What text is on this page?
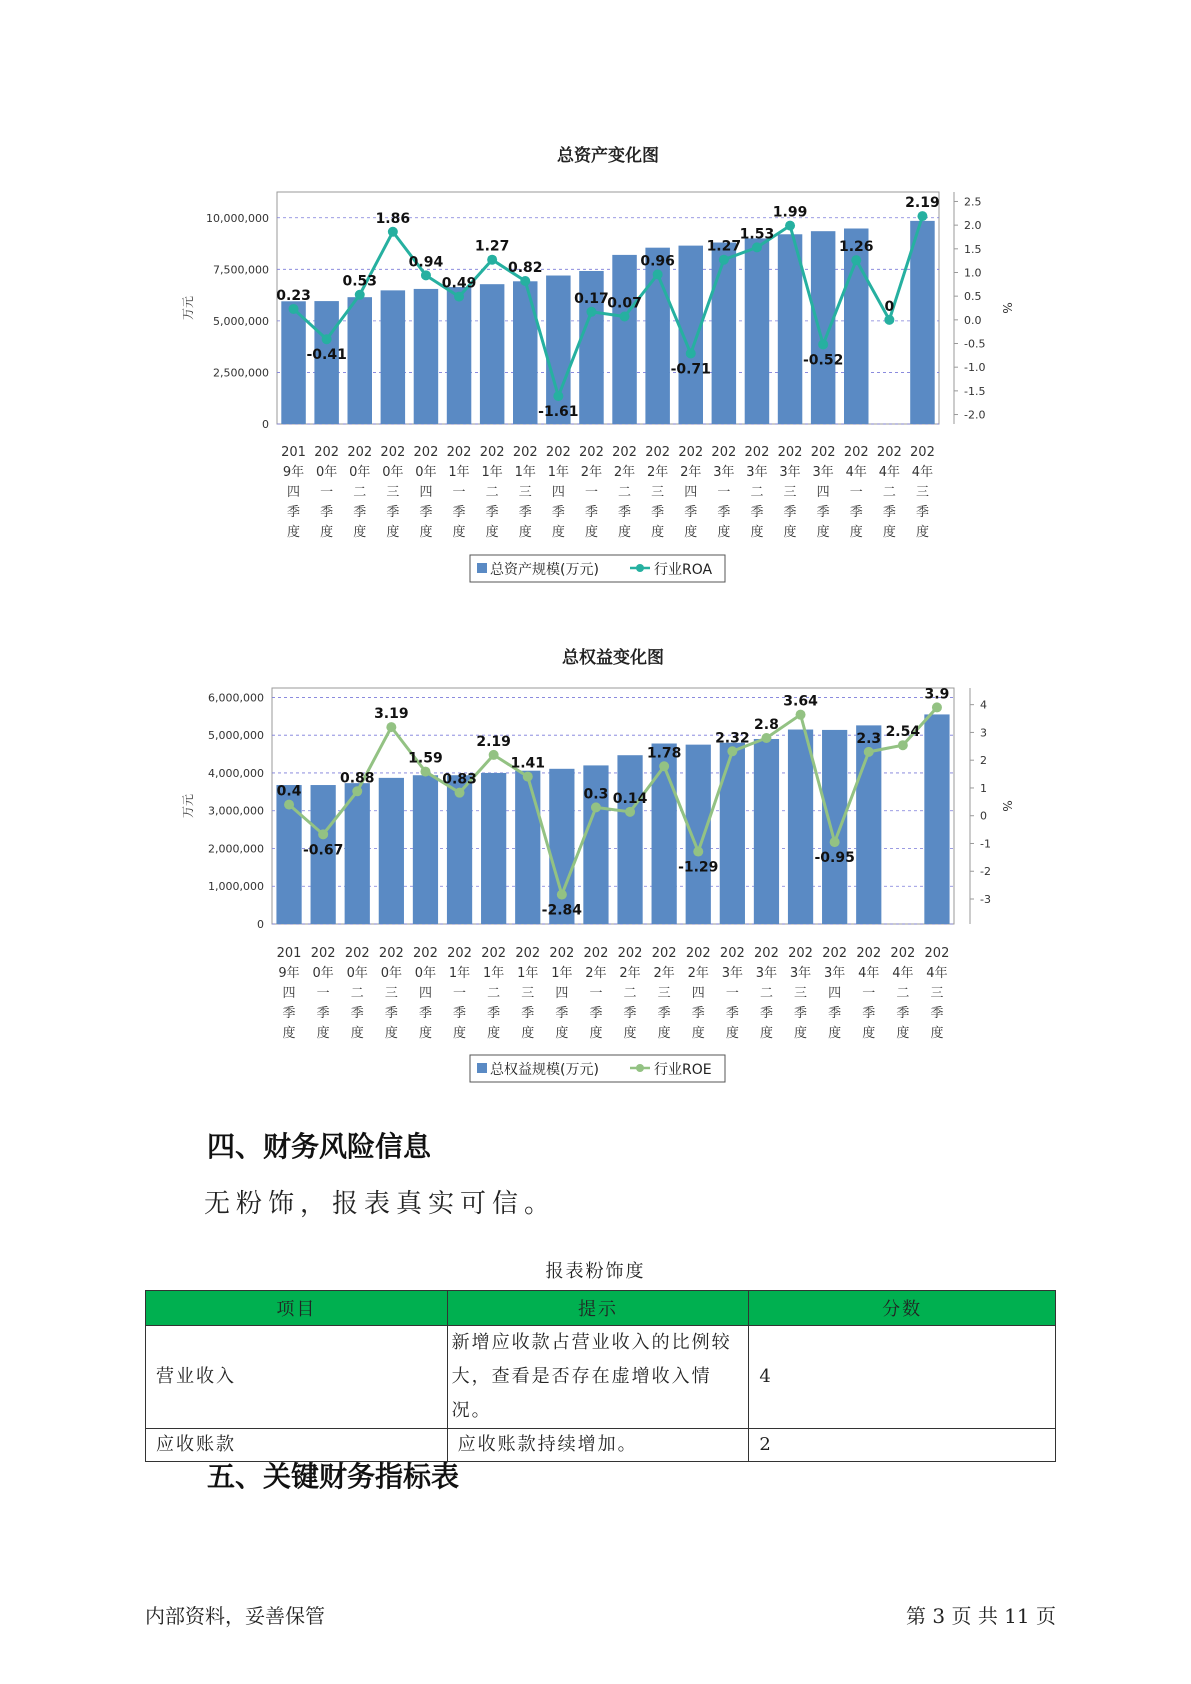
总资产变化图
0
2,500,000
5,000,000
7,500,000
10,000,000
-2.0
-1.5
-1.0
-0.5
0.0
0.5
1.0
1.5
2.0
2.5
万元	%
0.23
-0.41
0.53
1.86
0.94
0.49
1.27
0.82
-1.61
0.17
0.07
0.96
-0.71
1.27
1.53
1.99
-0.52
1.26
0
2.19
201
9年
四
季
度
202
0年
一
季
度
202
0年
二
季
度
202
0年
三
季
度
202
0年
四
季
度
202
1年
一
季
度
202
1年
二
季
度
202
1年
三
季
度
202
1年
四
季
度
202
2年
一
季
度
202
2年
二
季
度
202
2年
三
季
度
202
2年
四
季
度
202
3年
一
季
度
202
3年
二
季
度
202
3年
三
季
度
202
3年
四
季
度
202
4年
一
季
度
202
4年
二
季
度
202
4年
三
季
度
总资产规模(万元)	行业ROA
总权益变化图
0
1,000,000
2,000,000
3,000,000
4,000,000
5,000,000
6,000,000
-3
-2
-1
0
1
2
3
4
万元	%
0.4
-0.67
0.88
3.19
1.59
0.83
2.19
1.41
-2.84
0.3 0.14
1.78
-1.29
2.32
2.8
3.64
-0.95
2.3 2.54
3.9
201
9年
四
季
度
202
0年
一
季
度
202
0年
二
季
度
202
0年
三
季
度
202
0年
四
季
度
202
1年
一
季
度
202
1年
二
季
度
202
1年
三
季
度
202
1年
四
季
度
202
2年
一
季
度
202
2年
二
季
度
202
2年
三
季
度
202
2年
四
季
度
202
3年
一
季
度
202
3年
二
季
度
202
3年
三
季
度
202
3年
四
季
度
202
4年
一
季
度
202
4年
二
季
度
202
4年
三
季
度
总权益规模(万元)	行业ROE
四、财务风险信息

无粉饰，报表真实可信。

报表粉饰度
项目	提示	分数
营业收入	新增应收款占营业收入的比例较大，查看是否存在虚增收入情况。	4
应收账款	应收账款持续增加。	2
五、关键财务指标表
内部资料，妥善保管	第 3 页 共 11 页
